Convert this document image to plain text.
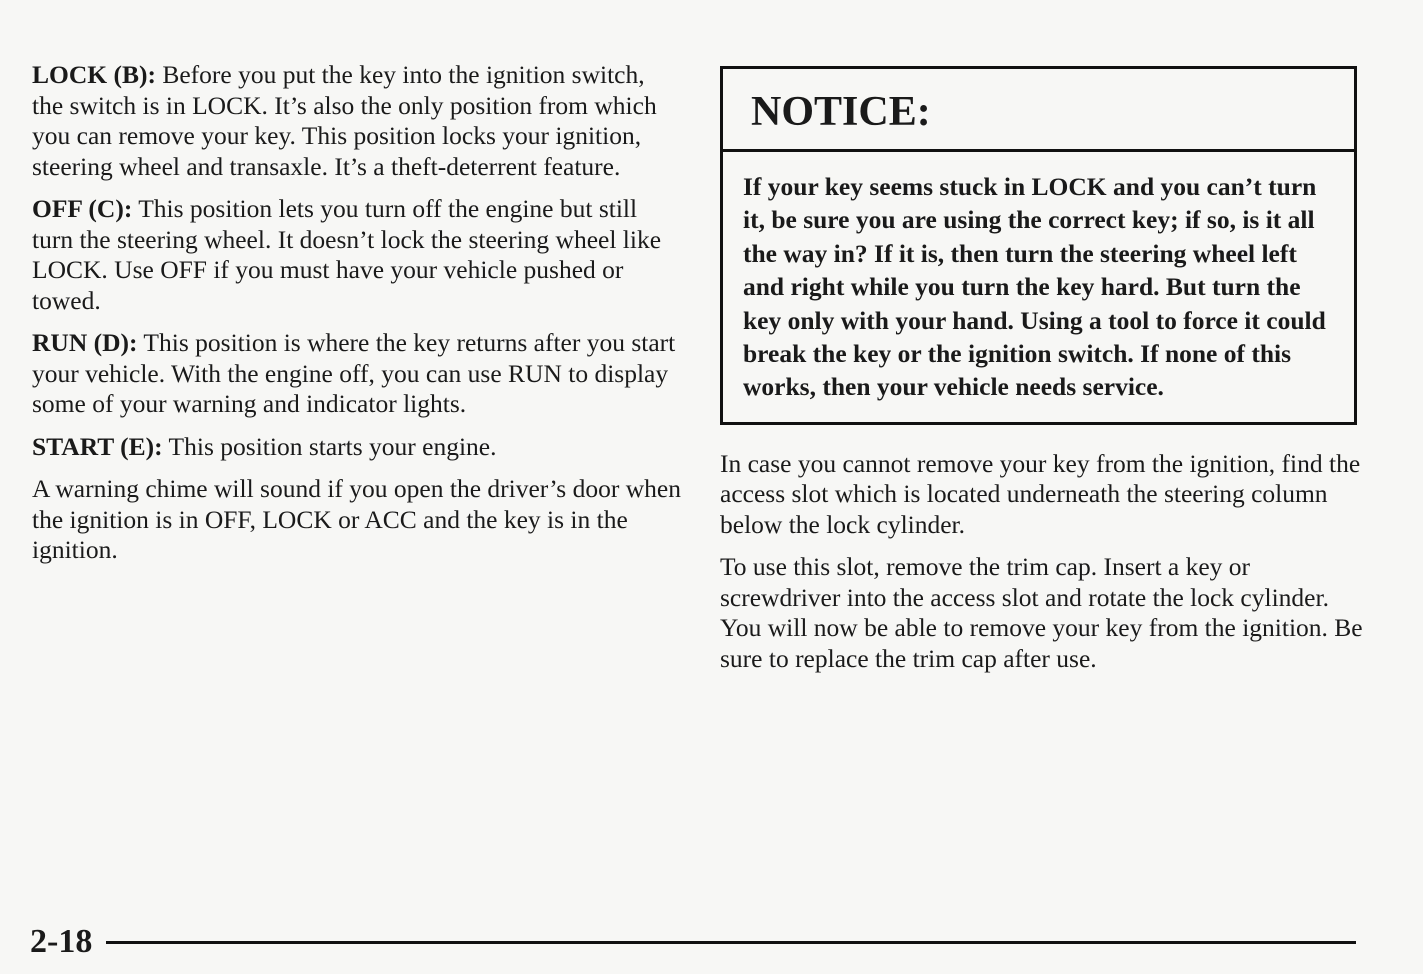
LOCK (B): Before you put the key into the ignition switch, the switch is in LOCK. It’s also the only position from which you can remove your key. This position locks your ignition, steering wheel and transaxle. It’s a theft-deterrent feature.

OFF (C): This position lets you turn off the engine but still turn the steering wheel. It doesn’t lock the steering wheel like LOCK. Use OFF if you must have your vehicle pushed or towed.

RUN (D): This position is where the key returns after you start your vehicle. With the engine off, you can use RUN to display some of your warning and indicator lights.

START (E): This position starts your engine.

A warning chime will sound if you open the driver’s door when the ignition is in OFF, LOCK or ACC and the key is in the ignition.

NOTICE:
If your key seems stuck in LOCK and you can’t turn it, be sure you are using the correct key; if so, is it all the way in? If it is, then turn the steering wheel left and right while you turn the key hard. But turn the key only with your hand. Using a tool to force it could break the key or the ignition switch. If none of this works, then your vehicle needs service.

In case you cannot remove your key from the ignition, find the access slot which is located underneath the steering column below the lock cylinder.

To use this slot, remove the trim cap. Insert a key or screwdriver into the access slot and rotate the lock cylinder. You will now be able to remove your key from the ignition. Be sure to replace the trim cap after use.

2-18
